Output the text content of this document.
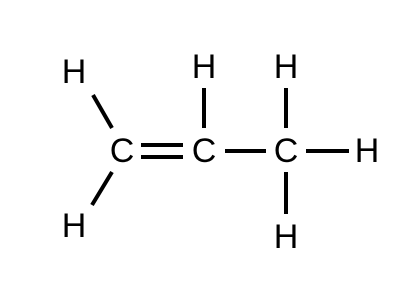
C C C
H
H
H H
H
H
